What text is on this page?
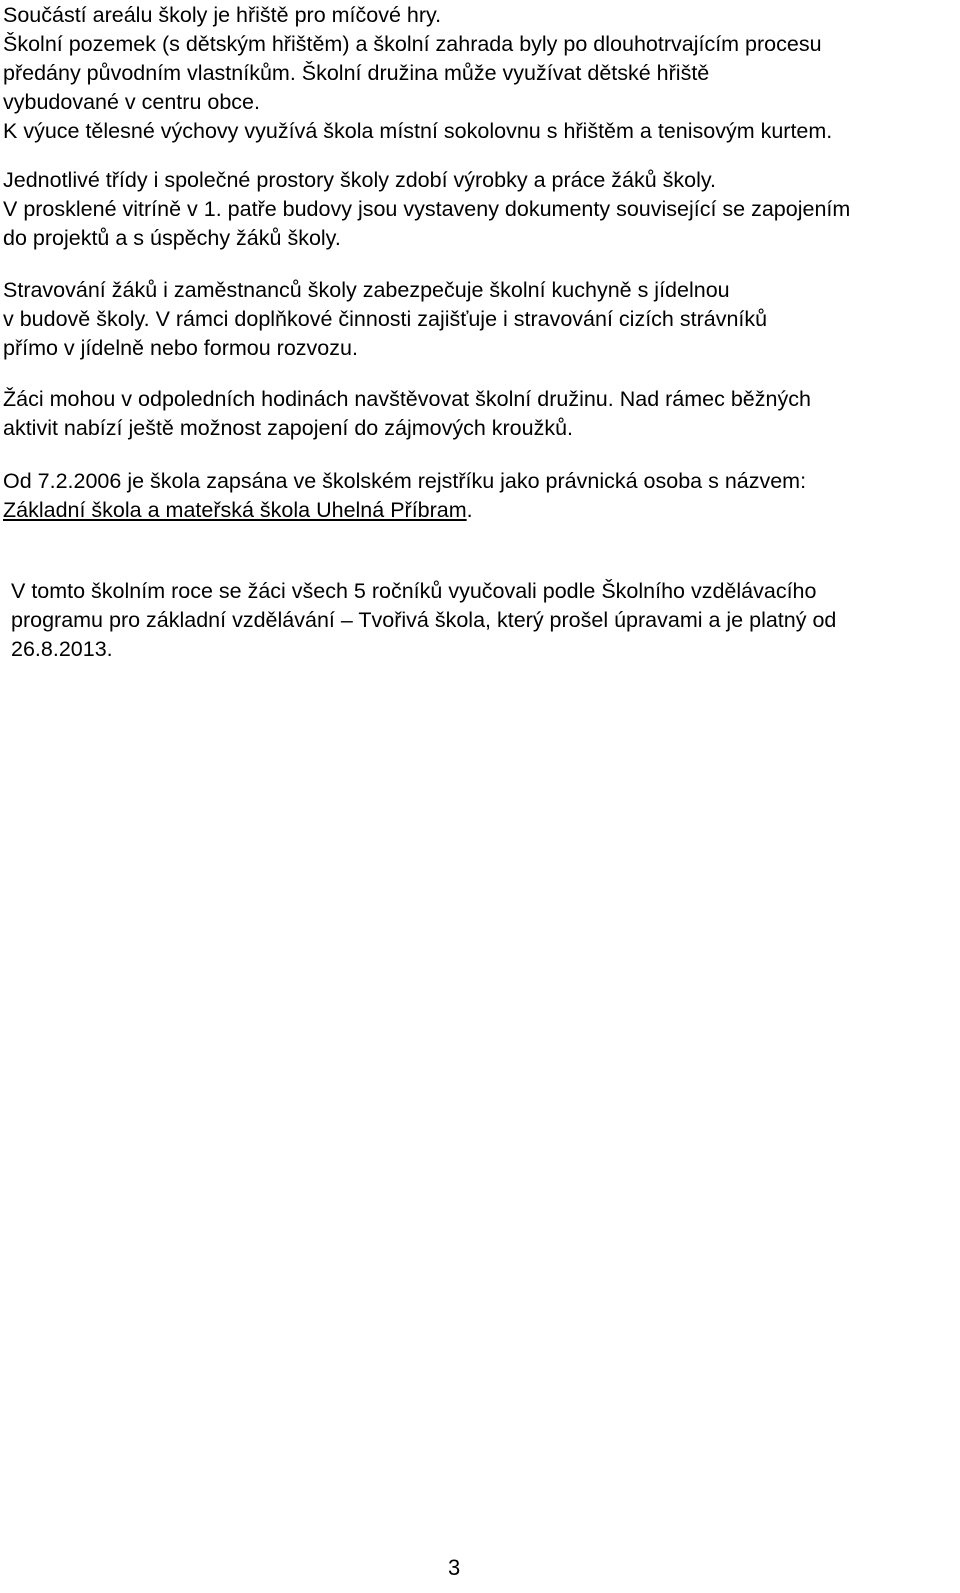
Součástí areálu školy je hřiště pro míčové hry.
Školní pozemek (s dětským hřištěm) a školní zahrada byly po dlouhotrvajícím procesu
předány původním vlastníkům. Školní družina může využívat dětské hřiště
vybudované v centru obce.
K výuce tělesné výchovy využívá škola místní sokolovnu s hřištěm a tenisovým kurtem.
Jednotlivé třídy i společné prostory školy zdobí výrobky a práce žáků školy.
V prosklené vitríně v 1. patře budovy jsou vystaveny dokumenty související se zapojením
do projektů a s úspěchy žáků školy.
Stravování žáků i zaměstnanců školy zabezpečuje školní kuchyně s jídelnou
v budově školy. V rámci doplňkové činnosti zajišťuje i stravování cizích strávníků
přímo v jídelně nebo formou rozvozu.
Žáci mohou v odpoledních hodinách navštěvovat školní družinu. Nad rámec běžných
aktivit nabízí ještě možnost zapojení do zájmových kroužků.
Od 7.2.2006 je škola zapsána ve školském rejstříku jako právnická osoba s názvem:
Základní škola a mateřská škola Uhelná Příbram.
V tomto školním roce se žáci všech 5 ročníků vyučovali podle Školního vzdělávacího
programu pro základní vzdělávání – Tvořivá škola, který prošel úpravami a je platný od
26.8.2013.
3
